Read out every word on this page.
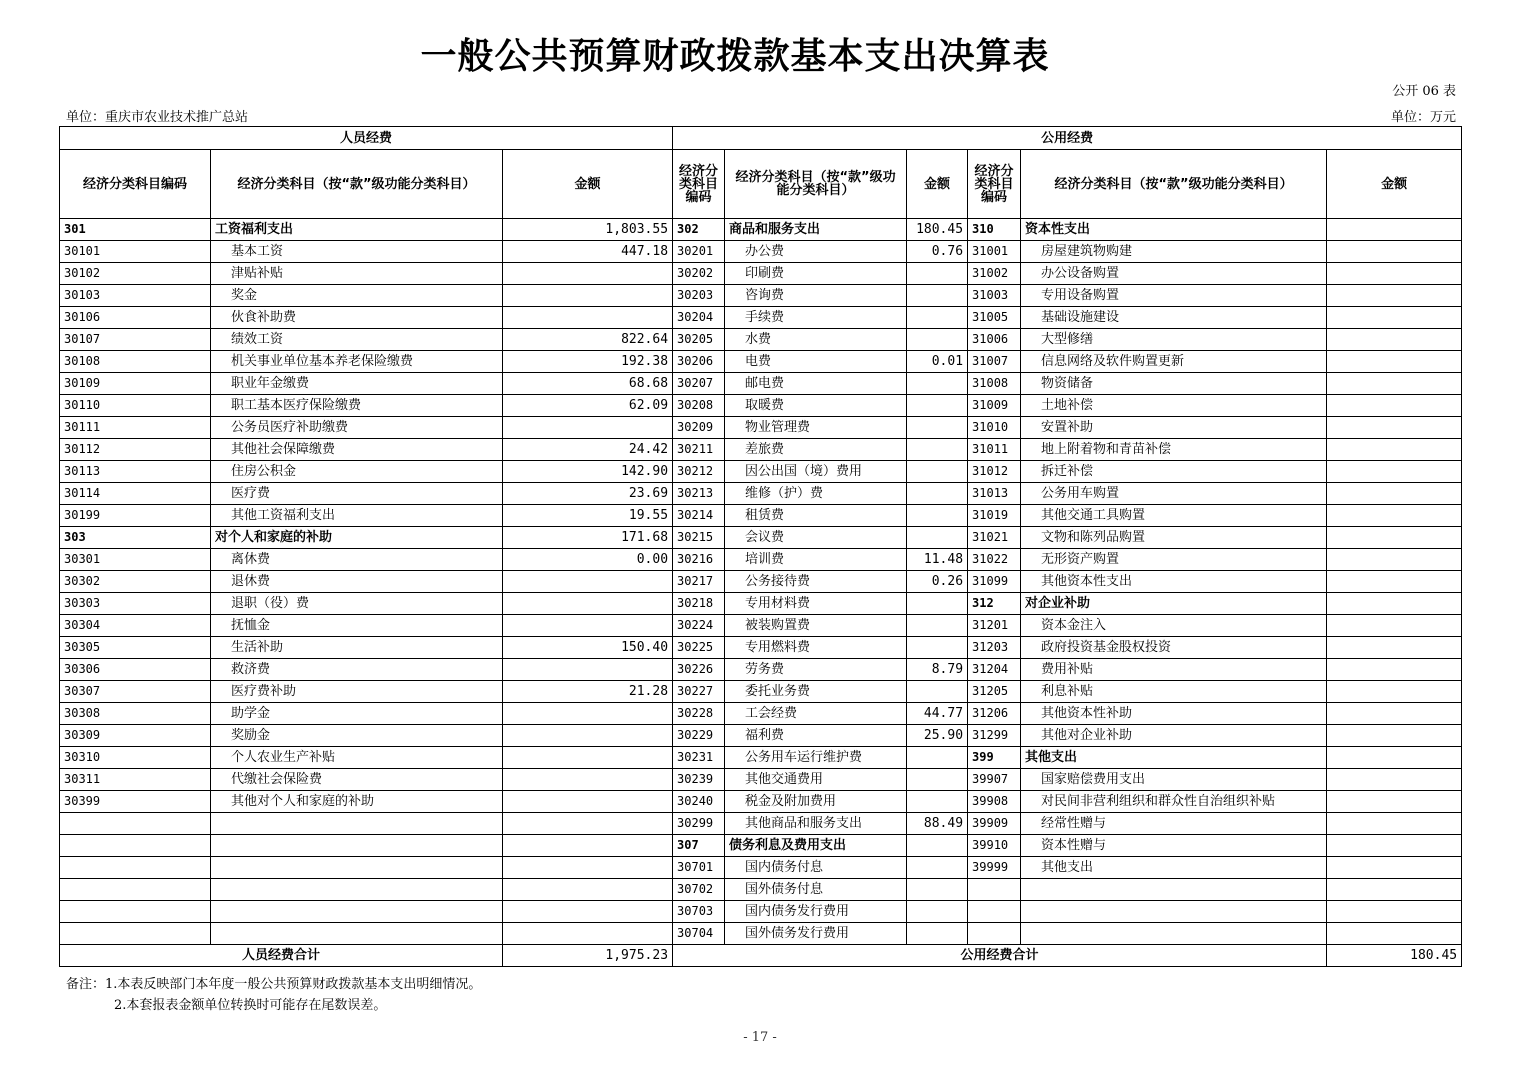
一般公共预算财政拨款基本支出决算表
公开 06 表
单位：重庆市农业技术推广总站	单位：万元
人员经费			公用经费					
经济分类科目编码	经济分类科目（按“款”级功能分类科目）	金额	经济分类科目编码	经济分类科目（按“款”级功能分类科目）	金额	经济分类科目编码	经济分类科目（按“款”级功能分类科目）	金额
301	工资福利支出	1,803.55	302	商品和服务支出	180.45	310	资本性支出	
30101	基本工资	447.18	30201	办公费	0.76	31001	房屋建筑物购建	
30102	津贴补贴		30202	印刷费		31002	办公设备购置	
30103	奖金		30203	咨询费		31003	专用设备购置	
30106	伙食补助费		30204	手续费		31005	基础设施建设	
30107	绩效工资	822.64	30205	水费		31006	大型修缮	
30108	机关事业单位基本养老保险缴费	192.38	30206	电费	0.01	31007	信息网络及软件购置更新	
30109	职业年金缴费	68.68	30207	邮电费		31008	物资储备	
30110	职工基本医疗保险缴费	62.09	30208	取暖费		31009	土地补偿	
30111	公务员医疗补助缴费		30209	物业管理费		31010	安置补助	
30112	其他社会保障缴费	24.42	30211	差旅费		31011	地上附着物和青苗补偿	
30113	住房公积金	142.90	30212	因公出国（境）费用		31012	拆迁补偿	
30114	医疗费	23.69	30213	维修（护）费		31013	公务用车购置	
30199	其他工资福利支出	19.55	30214	租赁费		31019	其他交通工具购置	
303	对个人和家庭的补助	171.68	30215	会议费		31021	文物和陈列品购置	
30301	离休费	0.00	30216	培训费	11.48	31022	无形资产购置	
30302	退休费		30217	公务接待费	0.26	31099	其他资本性支出	
30303	退职（役）费		30218	专用材料费		312	对企业补助	
30304	抚恤金		30224	被装购置费		31201	资本金注入	
30305	生活补助	150.40	30225	专用燃料费		31203	政府投资基金股权投资	
30306	救济费		30226	劳务费	8.79	31204	费用补贴	
30307	医疗费补助	21.28	30227	委托业务费		31205	利息补贴	
30308	助学金		30228	工会经费	44.77	31206	其他资本性补助	
30309	奖励金		30229	福利费	25.90	31299	其他对企业补助	
30310	个人农业生产补贴		30231	公务用车运行维护费		399	其他支出	
30311	代缴社会保险费		30239	其他交通费用		39907	国家赔偿费用支出	
30399	其他对个人和家庭的补助		30240	税金及附加费用		39908	对民间非营利组织和群众性自治组织补贴	
			30299	其他商品和服务支出	88.49	39909	经常性赠与	
			307	债务利息及费用支出		39910	资本性赠与	
			30701	国内债务付息		39999	其他支出	
			30702	国外债务付息				
			30703	国内债务发行费用				
			30704	国外债务发行费用				
人员经费合计		1,975.23	公用经费合计					180.45
备注：1.本表反映部门本年度一般公共预算财政拨款基本支出明细情况。
2.本套报表金额单位转换时可能存在尾数误差。
- 17 -
